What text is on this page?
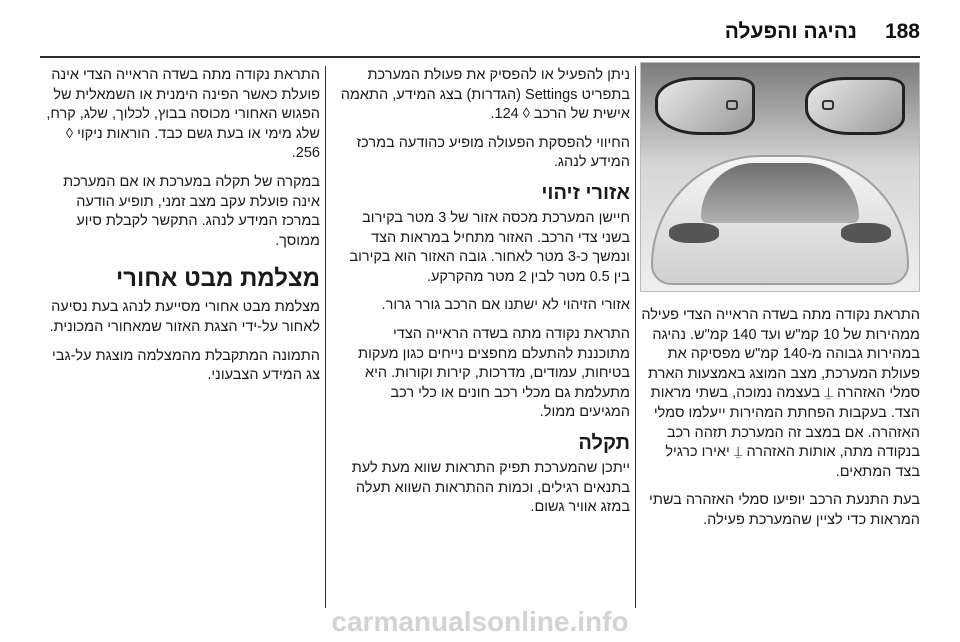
188
נהיגה והפעלה

התראת נקודה מתה בשדה הראייה הצדי פעילה ממהירות של 10 קמ"ש ועד 140 קמ"ש. נהיגה במהירות גבוהה מ-140 קמ"ש מפסיקה את פעולת המערכת, מצב המוצג באמצעות הארת סמלי האזהרה ⍊ בעצמה נמוכה, בשתי מראות הצד. בעקבות הפחתת המהירות ייעלמו סמלי האזהרה. אם במצב זה המערכת תזהה רכב בנקודה מתה, אותות האזהרה ⍊ יאירו כרגיל בצד המתאים.

בעת התנעת הרכב יופיעו סמלי האזהרה בשתי המראות כדי לציין שהמערכת פעילה.

ניתן להפעיל או להפסיק את פעולת המערכת בתפריט Settings (הגדרות) בצג המידע, התאמה אישית של הרכב ◊ 124.

החיווי להפסקת הפעולה מופיע כהודעה במרכז המידע לנהג.

אזורי זיהוי

חיישן המערכת מכסה אזור של 3 מטר בקירוב בשני צדי הרכב. האזור מתחיל במראות הצד ונמשך כ-3 מטר לאחור. גובה האזור הוא בקירוב בין 0.5 מטר לבין 2 מטר מהקרקע.

אזורי הזיהוי לא ישתנו אם הרכב גורר גרור.

התראת נקודה מתה בשדה הראייה הצדי מתוכננת להתעלם מחפצים נייחים כגון מעקות בטיחות, עמודים, מדרכות, קירות וקורות. היא מתעלמת גם מכלי רכב חונים או כלי רכב המגיעים ממול.

תקלה

ייתכן שהמערכת תפיק התראות שווא מעת לעת בתנאים רגילים, וכמות ההתראות השווא תעלה במזג אוויר גשום.

התראת נקודה מתה בשדה הראייה הצדי אינה פועלת כאשר הפינה הימנית או השמאלית של הפגוש האחורי מכוסה בבוץ, לכלוך, שלג, קרח, שלג מימי או בעת גשם כבד. הוראות ניקוי ◊ 256.

במקרה של תקלה במערכת או אם המערכת אינה פועלת עקב מצב זמני, תופיע הודעה במרכז המידע לנהג. התקשר לקבלת סיוע ממוסך.

מצלמת מבט אחורי

מצלמת מבט אחורי מסייעת לנהג בעת נסיעה לאחור על-ידי הצגת האזור שמאחורי המכונית.

התמונה המתקבלת מהמצלמה מוצגת על-גבי צג המידע הצבעוני.

carmanualsonline.info
